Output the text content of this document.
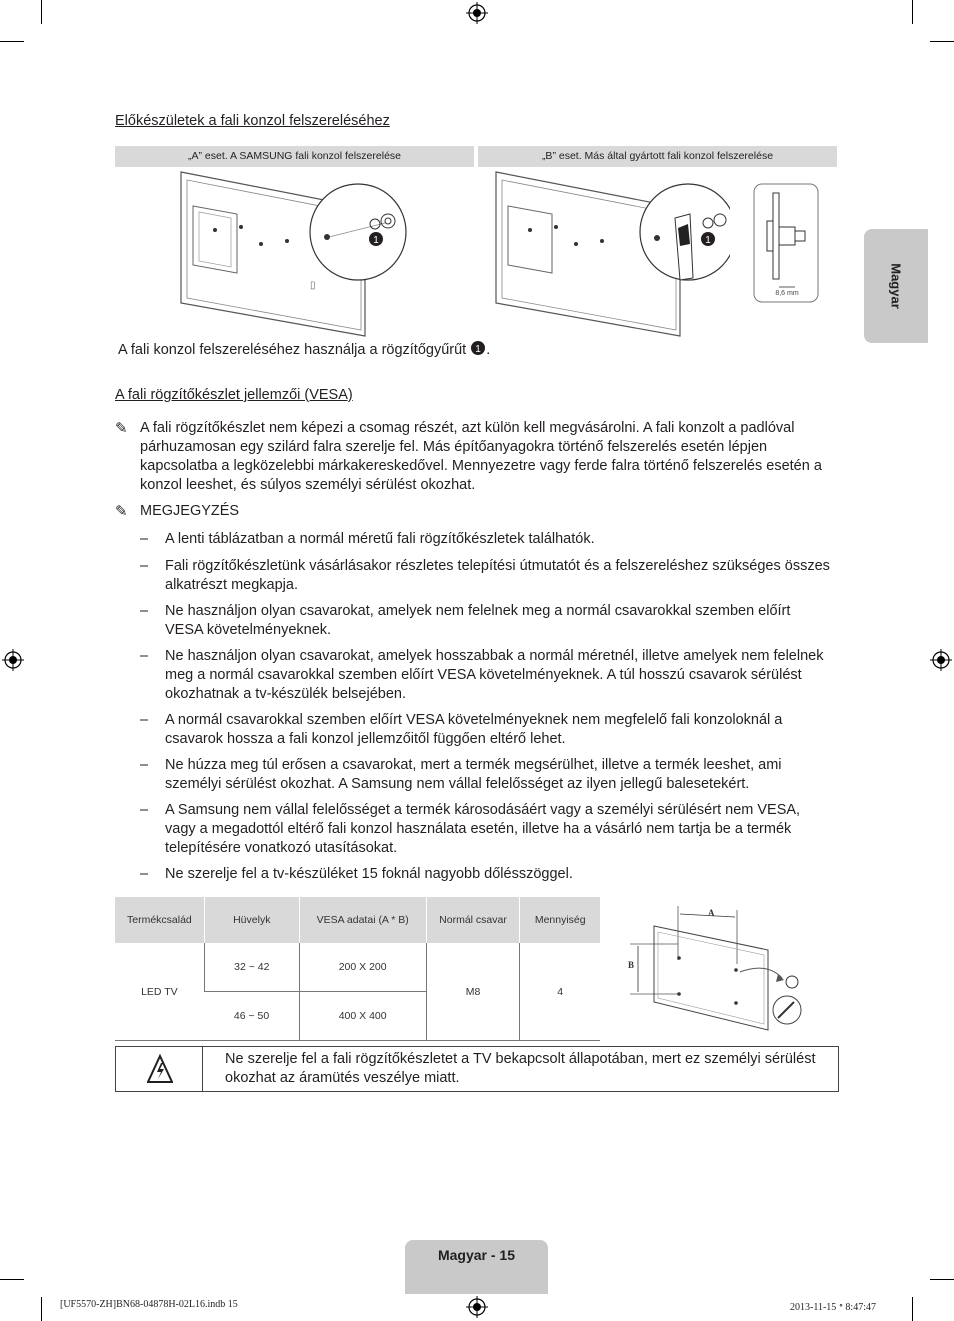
Magyar
Előkészületek a fali konzol felszereléséhez
„A” eset. A SAMSUNG fali konzol felszerelése	„B” eset. Más által gyártott fali konzol felszerelése
▯
1	1
8,6 mm
A fali konzol felszereléséhez használja a rögzítőgyűrűt 1 .
A fali rögzítőkészlet jellemzői (VESA)
✎ A fali rögzítőkészlet nem képezi a csomag részét, azt külön kell megvásárolni. A fali konzolt a padlóval párhuzamosan egy szilárd falra szerelje fel. Más építőanyagokra történő felszerelés esetén lépjen kapcsolatba a legközelebbi márkakereskedővel. Mennyezetre vagy ferde falra történő felszerelés esetén a konzol leeshet, és súlyos személyi sérülést okozhat.
✎ MEGJEGYZÉS
– A lenti táblázatban a normál méretű fali rögzítőkészletek találhatók.
– Fali rögzítőkészletünk vásárlásakor részletes telepítési útmutatót és a felszereléshez szükséges összes alkatrészt megkapja.
– Ne használjon olyan csavarokat, amelyek nem felelnek meg a normál csavarokkal szemben előírt VESA követelményeknek.
– Ne használjon olyan csavarokat, amelyek hosszabbak a normál méretnél, illetve amelyek nem felelnek meg a normál csavarokkal szemben előírt VESA követelményeknek. A túl hosszú csavarok sérülést okozhatnak a tv-készülék belsejében.
– A normál csavarokkal szemben előírt VESA követelményeknek nem megfelelő fali konzoloknál a csavarok hossza a fali konzol jellemzőitől függően eltérő lehet.
– Ne húzza meg túl erősen a csavarokat, mert a termék megsérülhet, illetve a termék leeshet, ami személyi sérülést okozhat. A Samsung nem vállal felelősséget az ilyen jellegű balesetekért.
– A Samsung nem vállal felelősséget a termék károsodásáért vagy a személyi sérülésért nem VESA, vagy a megadottól eltérő fali konzol használata esetén, illetve ha a vásárló nem tartja be a termék telepítésére vonatkozó utasításokat.
– Ne szerelje fel a tv-készüléket 15 foknál nagyobb dőlésszöggel.
Termékcsalád	Hüvelyk	VESA adatai (A * B)	Normál csavar	Mennyiség
LED TV	32 ~ 42	200 X 200	M8	4
	46 ~ 50	400 X 400		
A
B
Ne szerelje fel a fali rögzítőkészletet a TV bekapcsolt állapotában, mert ez személyi sérülést okozhat az áramütés veszélye miatt.
Magyar - 15
[UF5570-ZH]BN68-04878H-02L16.indb 15	2013-11-15 ꢀ 8:47:47
